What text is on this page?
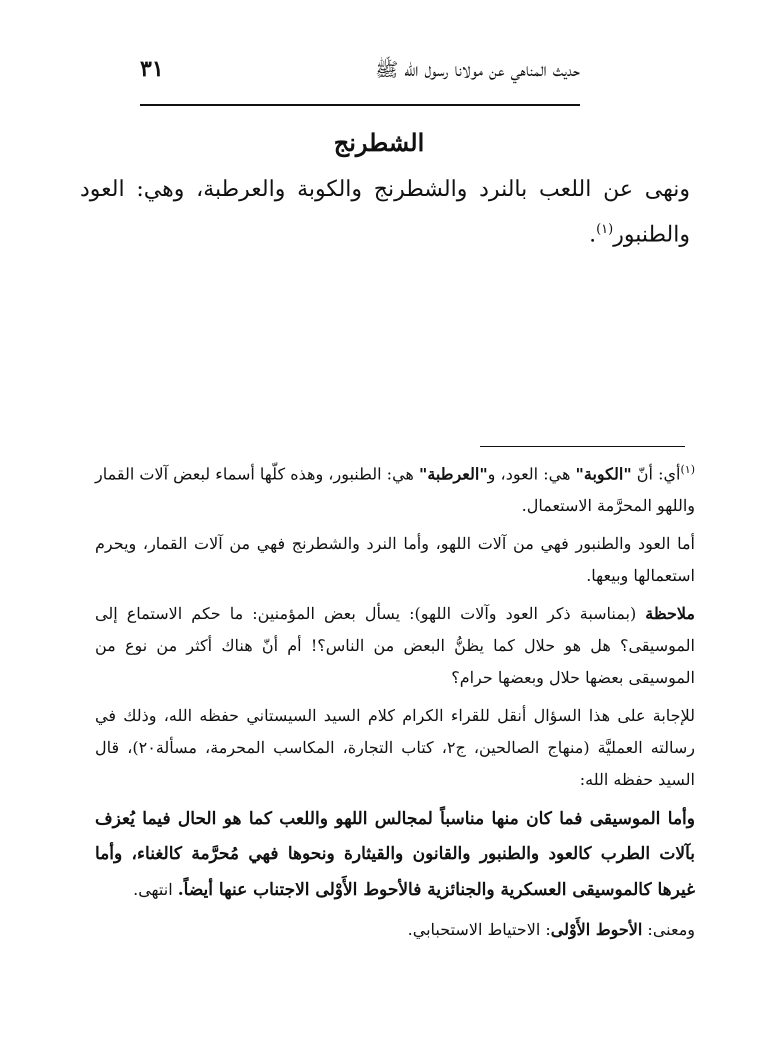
حديث المناهي عن مولانا رسول الله ﷺ
٣١
الشطرنج
ونهى عن اللعب بالنرد والشطرنج والكوبة والعرطبة، وهي: العود والطنبور$^{(١)}$.

$^{(١)}$أي: أنّ "الكوبة" هي: العود، و"العرطبة" هي: الطنبور، وهذه كلّها أسماء لبعض آلات القمار واللهو المحرَّمة الاستعمال.

أما العود والطنبور فهي من آلات اللهو، وأما النرد والشطرنج فهي من آلات القمار، ويحرم استعمالها وبيعها.

ملاحظة (بمناسبة ذكر العود وآلات اللهو): يسأل بعض المؤمنين: ما حكم الاستماع إلى الموسيقى؟ هل هو حلال كما يظنُّ البعض من الناس؟! أم أنّ هناك أكثر من نوع من الموسيقى بعضها حلال وبعضها حرام؟

للإجابة على هذا السؤال أنقل للقراء الكرام كلام السيد السيستاني حفظه الله، وذلك في رسالته العمليَّة (منهاج الصالحين، ج٢، كتاب التجارة، المكاسب المحرمة، مسألة٢٠)، قال السيد حفظه الله:

وأما الموسيقى فما كان منها مناسباً لمجالس اللهو واللعب كما هو الحال فيما يُعزف بآلات الطرب كالعود والطنبور والقانون والقيثارة ونحوها فهي مُحرَّمة كالغناء، وأما غيرها كالموسيقى العسكرية والجنائزية فالأحوط الأَوْلى الاجتناب عنها أيضاً. انتهى.

ومعنى: الأحوط الأَوْلى: الاحتياط الاستحبابي.
